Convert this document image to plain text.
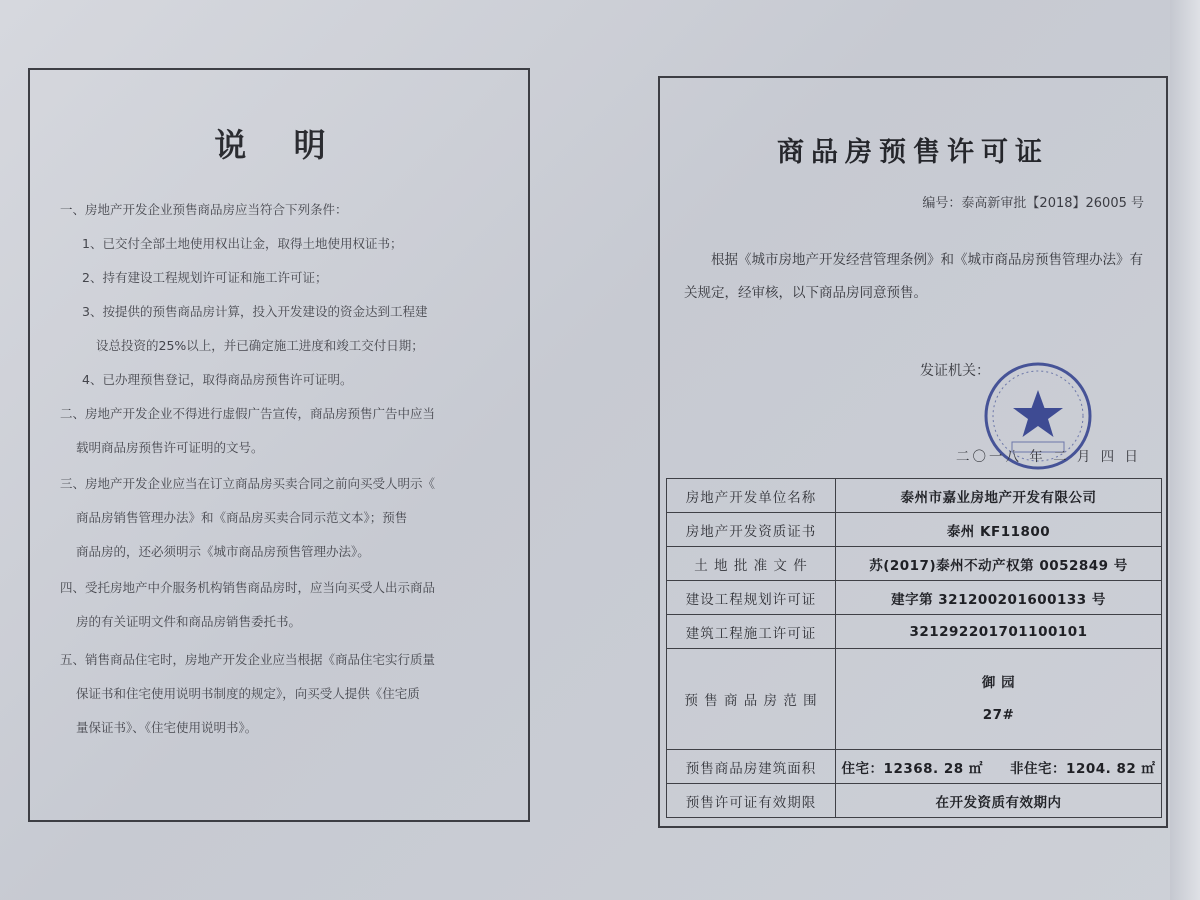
说 明
一、房地产开发企业预售商品房应当符合下列条件：
1、已交付全部土地使用权出让金，取得土地使用权证书；
2、持有建设工程规划许可证和施工许可证；
3、按提供的预售商品房计算，投入开发建设的资金达到工程建
设总投资的25%以上，并已确定施工进度和竣工交付日期；
4、已办理预售登记，取得商品房预售许可证明。
二、房地产开发企业不得进行虚假广告宣传，商品房预售广告中应当
载明商品房预售许可证明的文号。
三、房地产开发企业应当在订立商品房买卖合同之前向买受人明示《
商品房销售管理办法》和《商品房买卖合同示范文本》；预售
商品房的，还必须明示《城市商品房预售管理办法》。
四、受托房地产中介服务机构销售商品房时，应当向买受人出示商品
房的有关证明文件和商品房销售委托书。
五、销售商品住宅时，房地产开发企业应当根据《商品住宅实行质量
保证书和住宅使用说明书制度的规定》，向买受人提供《住宅质
量保证书》、《住宅使用说明书》。
商品房预售许可证
编号：泰高新审批【2018】26005 号
根据《城市房地产开发经营管理条例》和《城市商品房预售管理办法》有关规定，经审核，以下商品房同意预售。
发证机关：
二〇一八 年 二 月 四 日
房地产开发单位名称	泰州市嘉业房地产开发有限公司
房地产开发资质证书	泰州 KF11800
土 地 批 准 文 件	苏(2017)泰州不动产权第 0052849 号
建设工程规划许可证	建字第 321200201600133 号
建筑工程施工许可证	321292201701100101
预 售 商 品 房 范 围	御 园
27#

预售商品房建筑面积	住宅：12368. 28 ㎡ 非住宅：1204. 82 ㎡
预售许可证有效期限	在开发资质有效期内
